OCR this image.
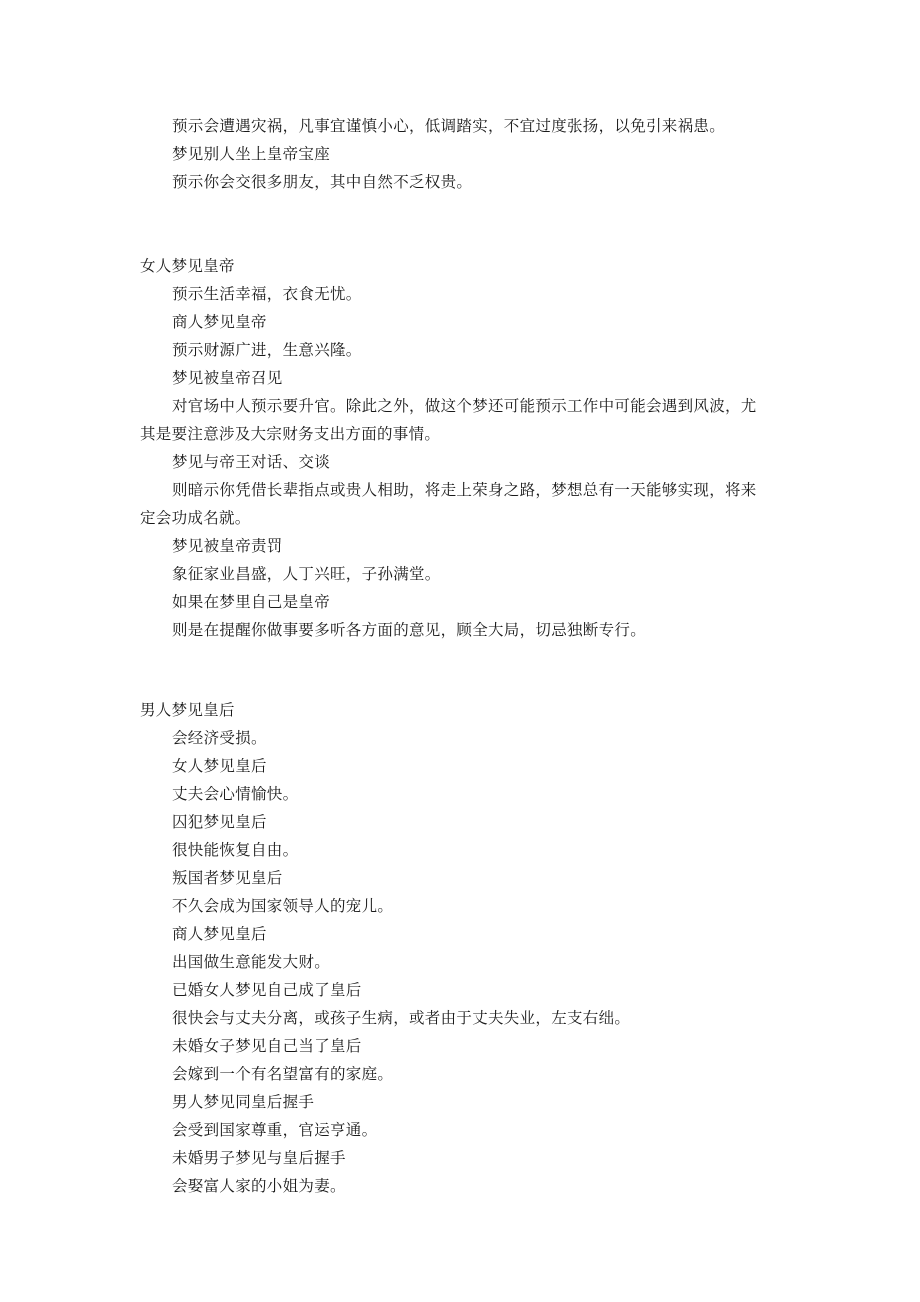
预示会遭遇灾祸，凡事宜谨慎小心，低调踏实，不宜过度张扬，以免引来祸患。
梦见别人坐上皇帝宝座
预示你会交很多朋友，其中自然不乏权贵。
女人梦见皇帝
预示生活幸福，衣食无忧。
商人梦见皇帝
预示财源广进，生意兴隆。
梦见被皇帝召见
对官场中人预示要升官。除此之外，做这个梦还可能预示工作中可能会遇到风波，尤
其是要注意涉及大宗财务支出方面的事情。
梦见与帝王对话、交谈
则暗示你凭借长辈指点或贵人相助，将走上荣身之路，梦想总有一天能够实现，将来
定会功成名就。
梦见被皇帝责罚
象征家业昌盛，人丁兴旺，子孙满堂。
如果在梦里自己是皇帝
则是在提醒你做事要多听各方面的意见，顾全大局，切忌独断专行。
男人梦见皇后
会经济受损。
女人梦见皇后
丈夫会心情愉快。
囚犯梦见皇后
很快能恢复自由。
叛国者梦见皇后
不久会成为国家领导人的宠儿。
商人梦见皇后
出国做生意能发大财。
已婚女人梦见自己成了皇后
很快会与丈夫分离，或孩子生病，或者由于丈夫失业，左支右绌。
未婚女子梦见自己当了皇后
会嫁到一个有名望富有的家庭。
男人梦见同皇后握手
会受到国家尊重，官运亨通。
未婚男子梦见与皇后握手
会娶富人家的小姐为妻。
